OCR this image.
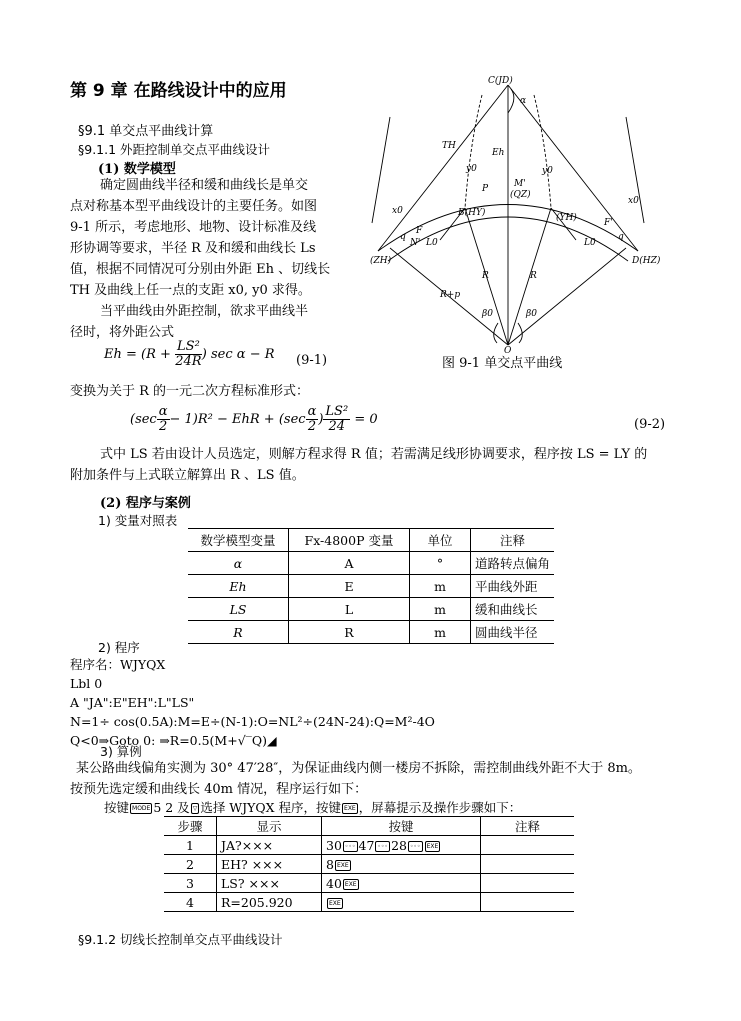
第 9 章 在路线设计中的应用
§9.1 单交点平曲线计算
§9.1.1 外距控制单交点平曲线设计
(1) 数学模型
确定圆曲线半径和缓和曲线长是单交
点对称基本型平曲线设计的主要任务。如图
9-1 所示，考虑地形、地物、设计标准及线
形协调等要求，半径 R 及和缓和曲线长 Ls
值，根据不同情况可分别由外距 Eh 、切线长
TH 及曲线上任一点的支距 x0, y0 求得。
当平曲线由外距控制，欲求平曲线半
径时，将外距公式
$Eh = (R + \frac{\text{LS²}}{24R}$ ) sec α − R (9-1)
C(JD)
α
TH
Eh
y0	y0
M'
P
(QZ)
B(HY)	(YH)
x0
x0
N'
F
q	q
F'
(ZH)	D(HZ)
L0	L0
R	R
R+p
β0	β0
O
图 9-1 单交点平曲线
变换为关于 R 的一元二次方程标准形式：
$(\sec \frac{\alpha}{2} - 1)R^2$ − EhR + ($\sec \frac{\alpha}{2}$ ) $\frac{\text{LS²}}{24} = 0$	(9-2)
式中 LS 若由设计人员选定，则解方程求得 R 值；若需满足线形协调要求，程序按 LS = LY 的
附加条件与上式联立解算出 R 、LS 值。
(2) 程序与案例
1) 变量对照表
数学模型变量	Fx-4800P 变量	单位	注释
α	A	°	道路转点偏角
Eh	E	m	平曲线外距
LS	L	m	缓和曲线长
R	R	m	圆曲线半径
2) 程序
程序名：WJYQX
Lbl 0
A "JA":E"EH":L"LS"
N=1÷ cos(0.5A):M=E÷(N-1):O=NL²÷(24N-24):Q=M²-4O
Q<0⇒Goto 0: ⇒R=0.5(M+√‾Q)◢
3) 算例
某公路曲线偏角实测为 30° 47′28″，为保证曲线内侧一楼房不拆除，需控制曲线外距不大于 8m。
按预先选定缓和曲线长 40m 情况，程序运行如下：
按键 MODE 5 2 及 ▽ 选择 WJYQX 程序，按键 EXE ，屏幕提示及操作步骤如下：
步骤	显示	按键	注释
1	JA?×××	30 ◦◦◦ 47 ◦◦◦ 28 ◦◦◦ EXE	
2	EH? ×××	8 EXE	
3	LS? ×××	40 EXE	
4	R=205.920	EXE	
§9.1.2 切线长控制单交点平曲线设计
